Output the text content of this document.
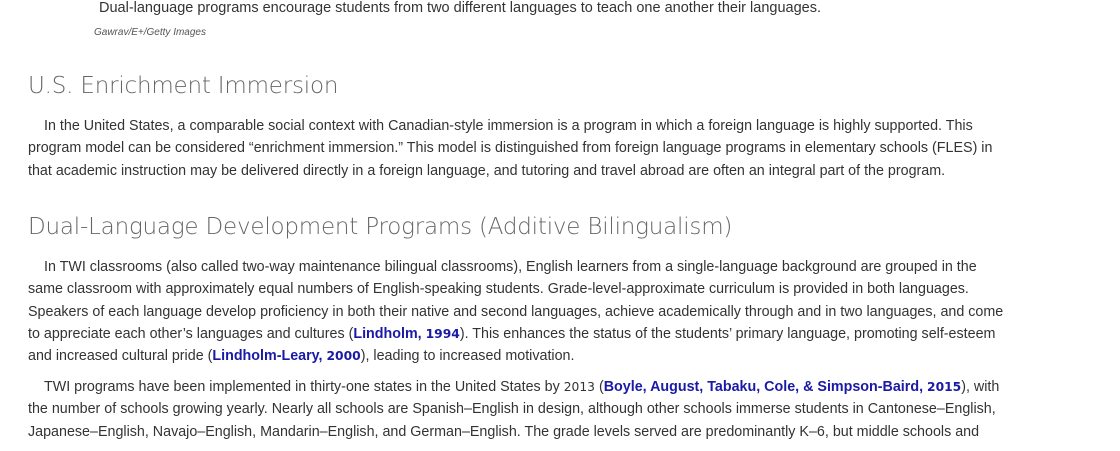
Dual-language programs encourage students from two different languages to teach one another their languages.
Gawrav/E+/Getty Images
U.S. Enrichment Immersion

In the United States, a comparable social context with Canadian-style immersion is a program in which a foreign language is highly supported. This
program model can be considered “enrichment immersion.” This model is distinguished from foreign language programs in elementary schools (FLES) in
that academic instruction may be delivered directly in a foreign language, and tutoring and travel abroad are often an integral part of the program.

Dual-Language Development Programs (Additive Bilingualism)

In TWI classrooms (also called two-way maintenance bilingual classrooms), English learners from a single-language background are grouped in the
same classroom with approximately equal numbers of English-speaking students. Grade-level-approximate curriculum is provided in both languages.
Speakers of each language develop proficiency in both their native and second languages, achieve academically through and in two languages, and come
to appreciate each other’s languages and cultures (Lindholm, 1994). This enhances the status of the students’ primary language, promoting self-esteem
and increased cultural pride (Lindholm-Leary, 2000), leading to increased motivation.

TWI programs have been implemented in thirty-one states in the United States by 2013 (Boyle, August, Tabaku, Cole, & Simpson-Baird, 2015), with
the number of schools growing yearly. Nearly all schools are Spanish–English in design, although other schools immerse students in Cantonese–English,
Japanese–English, Navajo–English, Mandarin–English, and German–English. The grade levels served are predominantly K–6, but middle schools and
